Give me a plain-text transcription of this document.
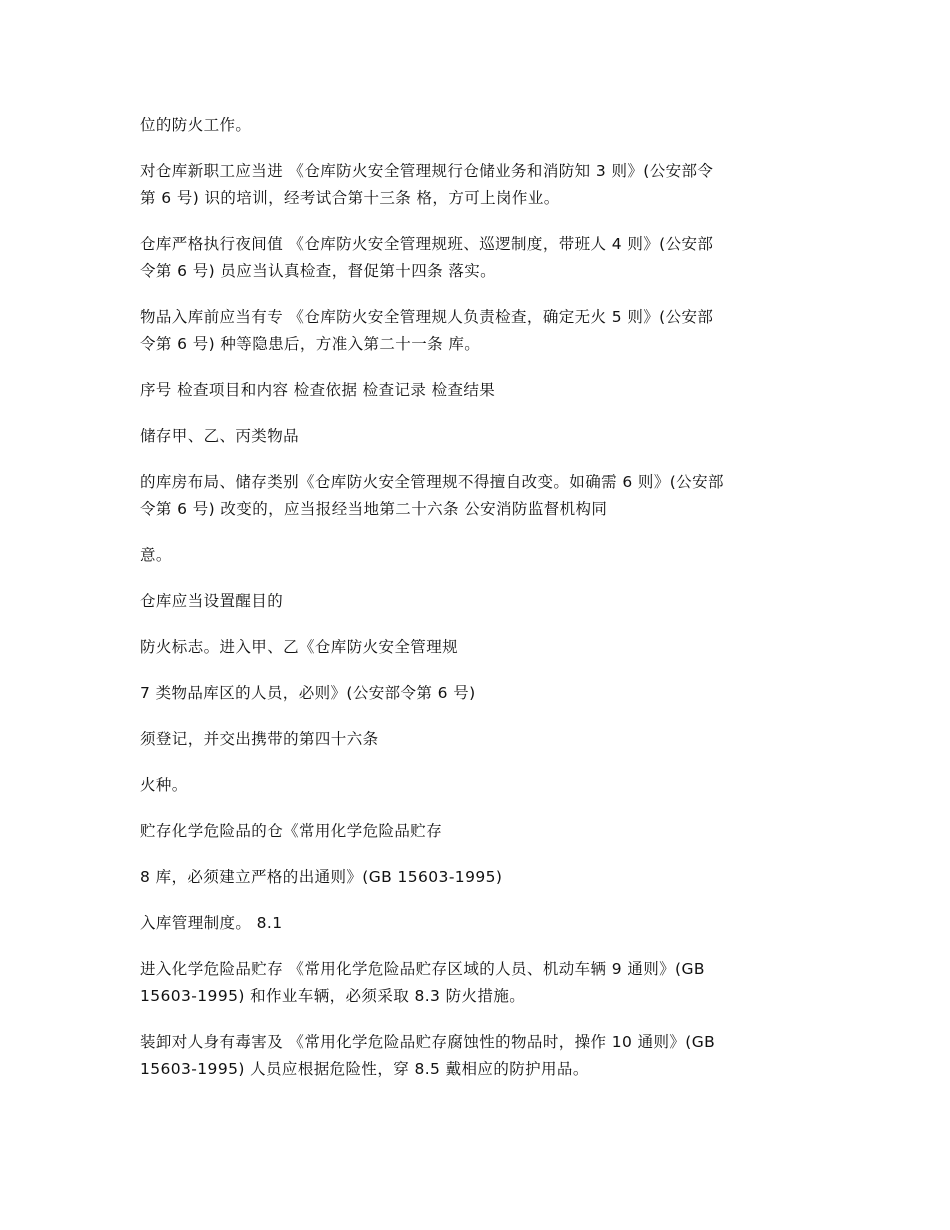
位的防火工作。

对仓库新职工应当进 《仓库防火安全管理规行仓储业务和消防知 3 则》(公安部令
第 6 号) 识的培训，经考试合第十三条 格，方可上岗作业。

仓库严格执行夜间值 《仓库防火安全管理规班、巡逻制度，带班人 4 则》(公安部
令第 6 号) 员应当认真检查，督促第十四条 落实。

物品入库前应当有专 《仓库防火安全管理规人负责检查，确定无火 5 则》(公安部
令第 6 号) 种等隐患后，方准入第二十一条 库。

序号 检查项目和内容 检查依据 检查记录 检查结果

储存甲、乙、丙类物品

的库房布局、储存类别《仓库防火安全管理规不得擅自改变。如确需 6 则》(公安部
令第 6 号) 改变的，应当报经当地第二十六条 公安消防监督机构同

意。

仓库应当设置醒目的

防火标志。进入甲、乙《仓库防火安全管理规

7 类物品库区的人员，必则》(公安部令第 6 号)

须登记，并交出携带的第四十六条

火种。

贮存化学危险品的仓《常用化学危险品贮存

8 库，必须建立严格的出通则》(GB 15603-1995)

入库管理制度。 8.1

进入化学危险品贮存 《常用化学危险品贮存区域的人员、机动车辆 9 通则》(GB
15603-1995) 和作业车辆，必须采取 8.3 防火措施。

装卸对人身有毒害及 《常用化学危险品贮存腐蚀性的物品时，操作 10 通则》(GB
15603-1995) 人员应根据危险性，穿 8.5 戴相应的防护用品。
